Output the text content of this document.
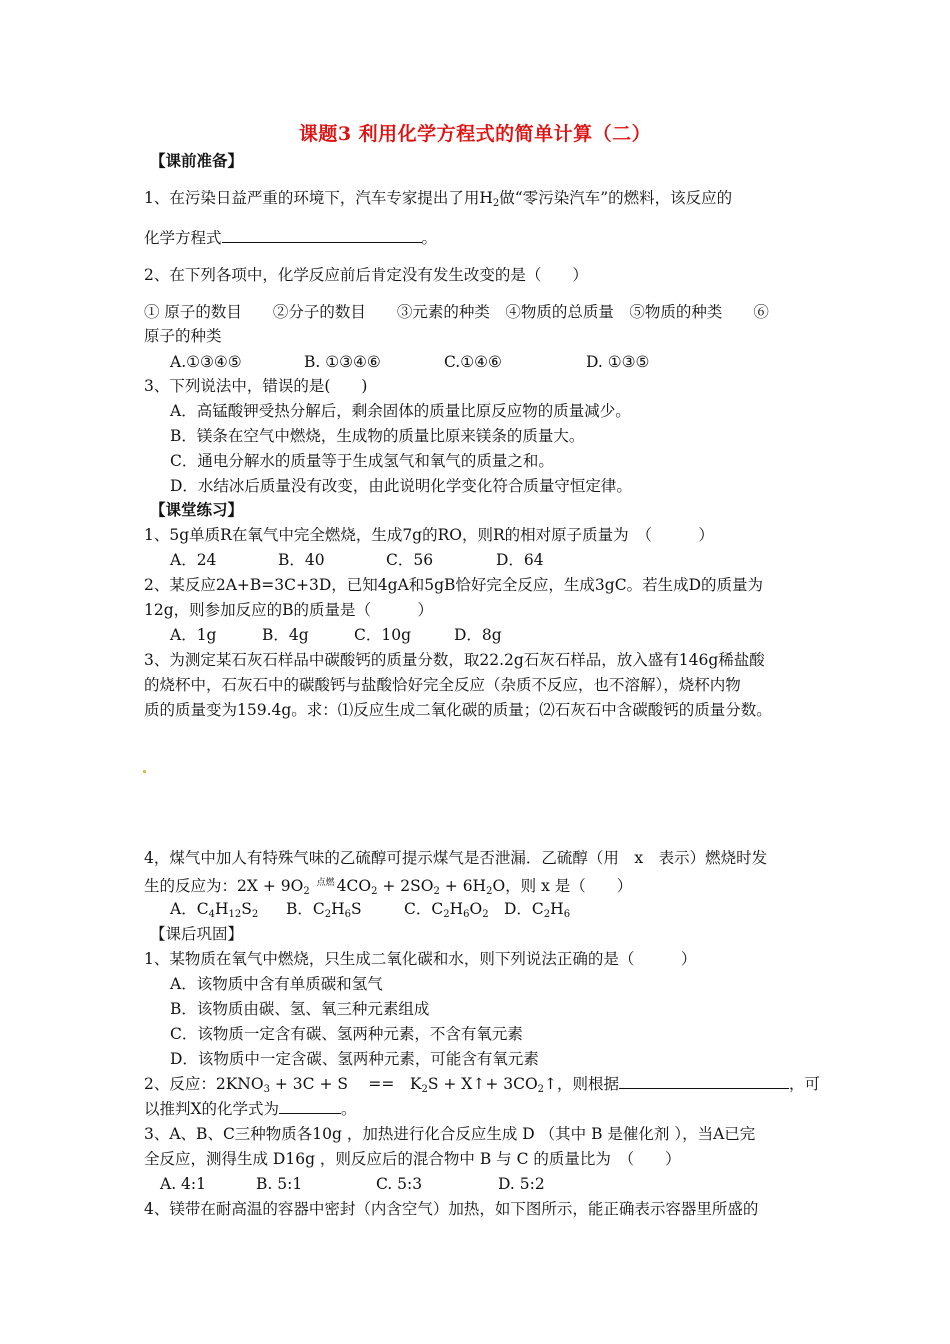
课题3 利用化学方程式的简单计算（二）
【课前准备】
1、在污染日益严重的环境下，汽车专家提出了用$H_2$做“零污染汽车”的燃料，该反应的
化学方程式	。
2、在下列各项中，化学反应前后肯定没有发生改变的是（　　）
① 原子的数目　　②分子的数目　　③元素的种类　④物质的总质量　⑤物质的种类　　⑥
原子的种类
A.①③④⑤	B. ①③④⑥	C.①④⑥	D. ①③⑤
3、下列说法中，错误的是(　　)
A．高锰酸钾受热分解后，剩余固体的质量比原反应物的质量减少。
B．镁条在空气中燃烧，生成物的质量比原来镁条的质量大。
C．通电分解水的质量等于生成氢气和氧气的质量之和。
D．水结冰后质量没有改变，由此说明化学变化符合质量守恒定律。
【课堂练习】
1、5g单质R在氧气中完全燃烧，生成7g的RO，则R的相对原子质量为　（　　　）
A．24	B．40	C．56	D．64
2、某反应2A+B=3C+3D，已知4gA和5gB恰好完全反应，生成3gC。若生成D的质量为
12g，则参加反应的B的质量是（　　　）
A．1g	B．4g	C．10g	D．8g
3、为测定某石灰石样品中碳酸钙的质量分数，取22.2g石灰石样品，放入盛有146g稀盐酸
的烧杯中，石灰石中的碳酸钙与盐酸恰好完全反应（杂质不反应，也不溶解），烧杯内物
质的质量变为159.4g。求：⑴反应生成二氧化碳的质量；⑵石灰石中含碳酸钙的质量分数。
4，煤气中加人有特殊气味的乙硫醇可提示煤气是否泄漏．乙硫醇（用　x　表示）燃烧时发
生的反应为：$2X + 9O_2$ $^{点燃}$ $4CO_2 + 2SO_2 + 6H_2O$，则 x 是（　　）
A．$C_4H_{12}S_2$ B．$C_2H_6S$	C．$C_2H_6O_2$ D．$C_2H_6$
【课后巩固】
1、某物质在氧气中燃烧，只生成二氧化碳和水，则下列说法正确的是（　　　）
A．该物质中含有单质碳和氢气
B．该物质由碳、氢、氧三种元素组成
C．该物质一定含有碳、氢两种元素，不含有氧元素
D．该物质中一定含碳、氢两种元素，可能含有氧元素
2、反应：$2KNO_3 + 3C + S$　 ==　$K_2S$ + X↑+ $3CO_2↑$，则根据	，可
以推判X的化学式为	。
3、A、B、C三种物质各10g ，加热进行化合反应生成 D （其中 B 是催化剂 ），当A已完
全反应，测得生成 D16g ，则反应后的混合物中 B 与 C 的质量比为　（　　）
A. 4:1	B. 5:1	C. 5:3	D. 5:2
4、镁带在耐高温的容器中密封（内含空气）加热，如下图所示，能正确表示容器里所盛的
